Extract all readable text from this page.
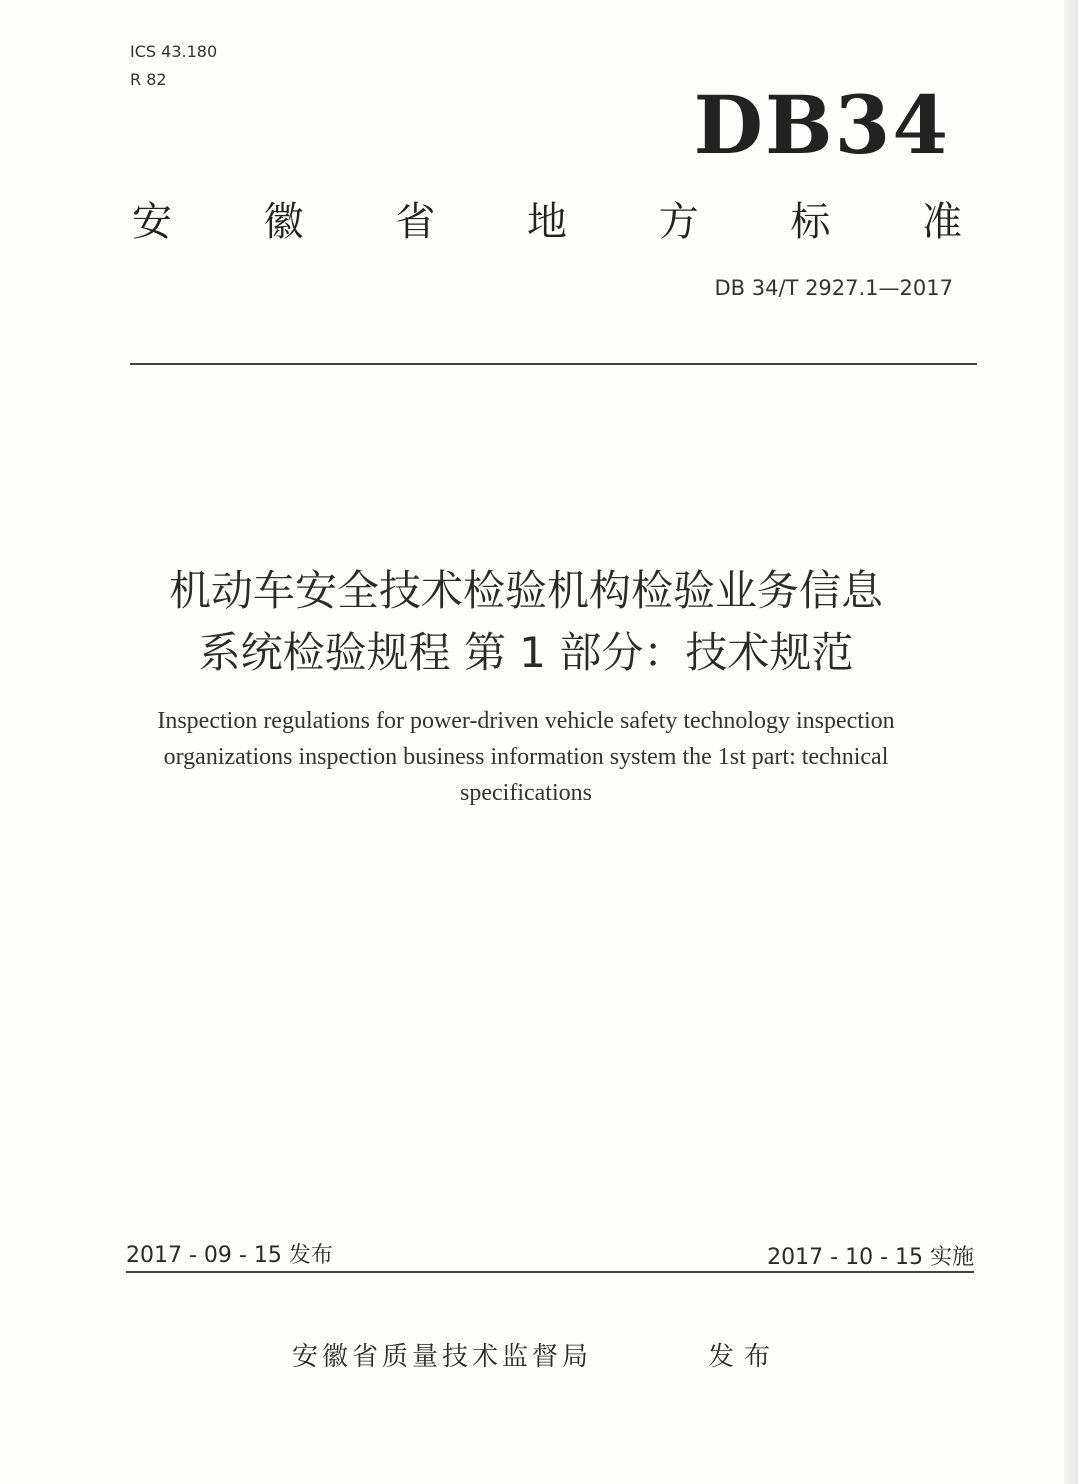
ICS 43.180
R 82	DB34
安徽省地方标准
DB 34/T 2927.1—2017
机动车安全技术检验机构检验业务信息
系统检验规程 第 1 部分：技术规范
Inspection regulations for power-driven vehicle safety technology inspection
organizations inspection business information system the 1st part: technical
specifications
2017 - 09 - 15 发布	2017 - 10 - 15 实施
安徽省质量技术监督局	发布
